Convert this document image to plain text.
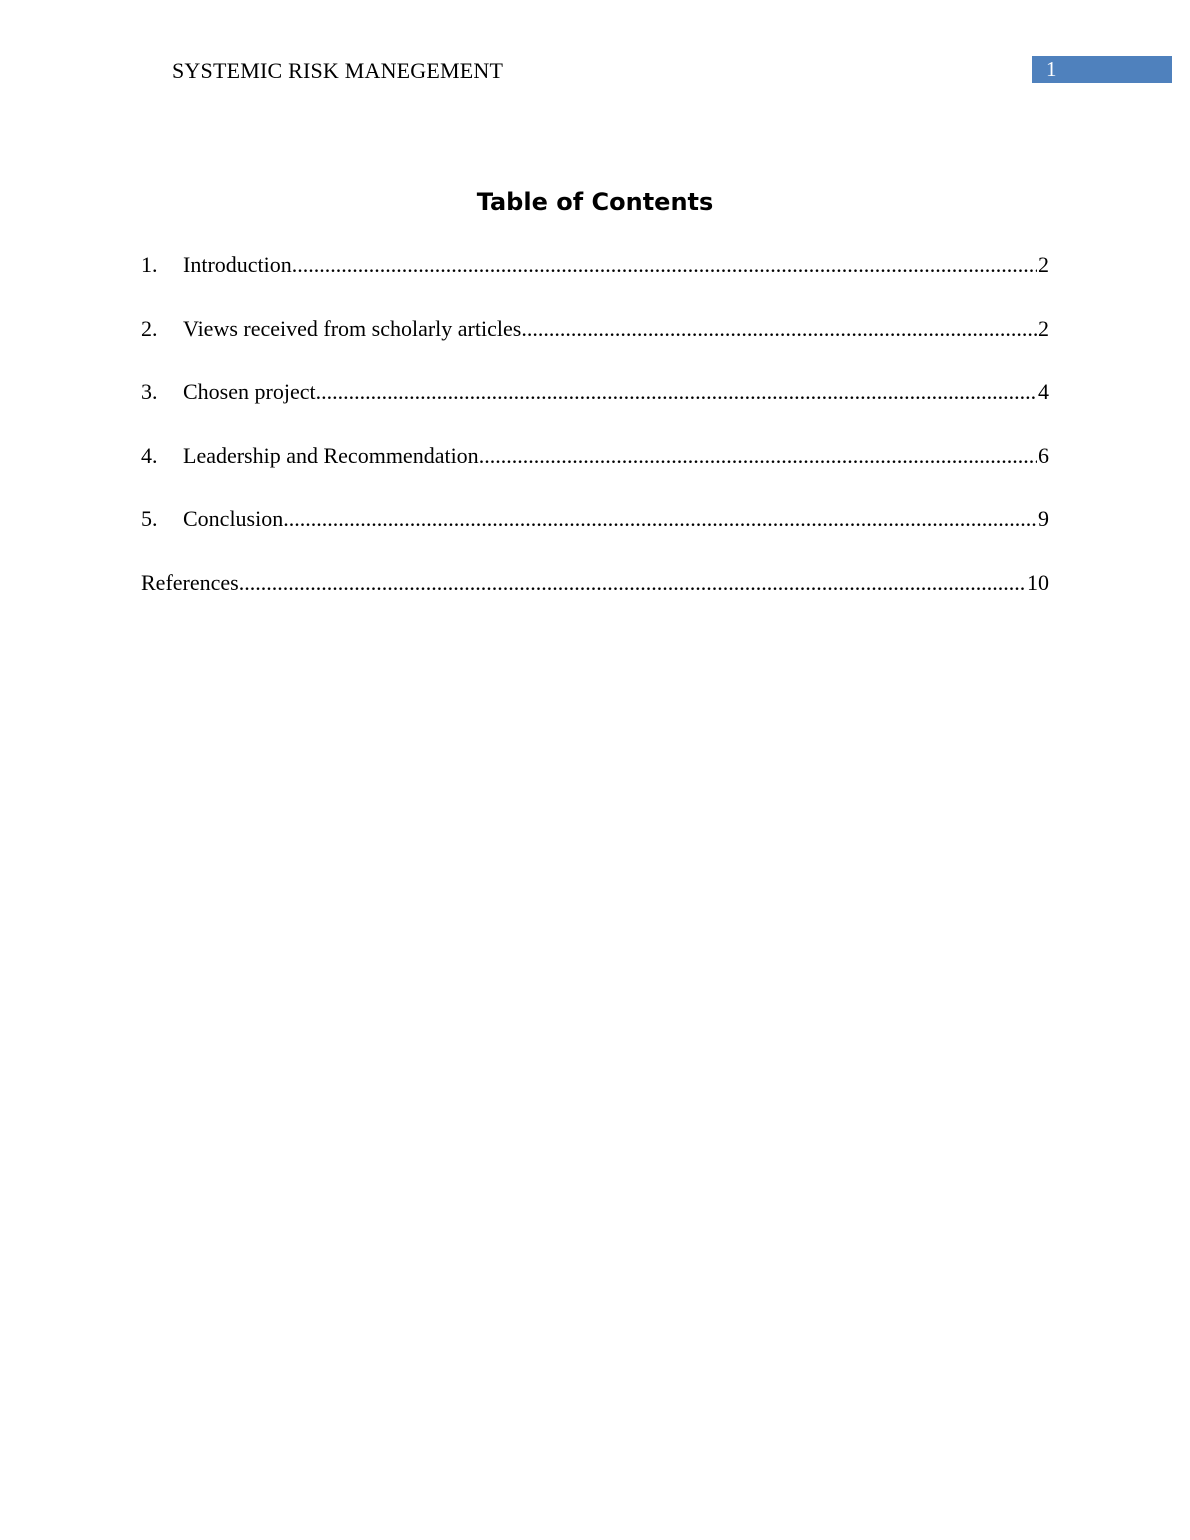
SYSTEMIC RISK MANEGEMENT	1
Table of Contents
1. Introduction .....	2
2. Views received from scholarly articles .....	2
3. Chosen project .....	4
4. Leadership and Recommendation .....	6
5. Conclusion .....	9
References .....	10
